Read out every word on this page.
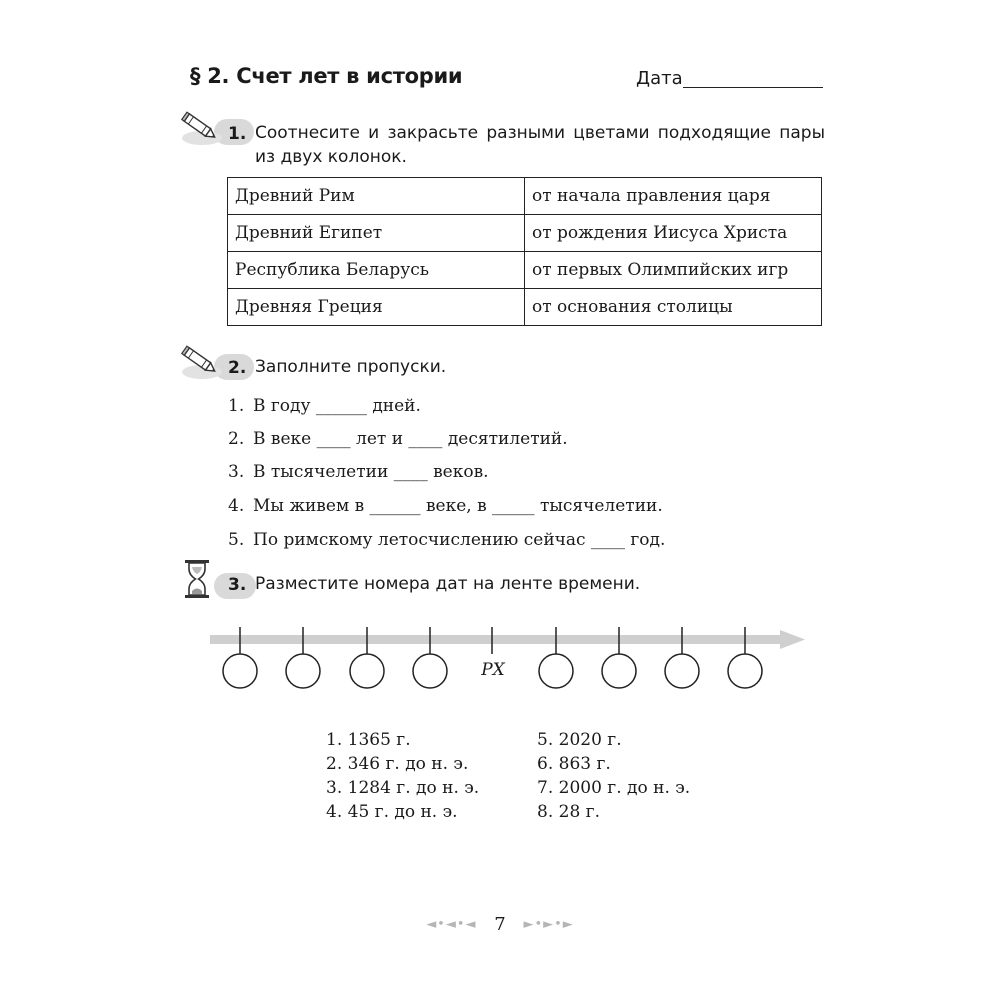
§ 2. Счет лет в истории	Дата
1. Соотнесите и закрасьте разными цветами подходящие пары из двух колонок.
Древний Рим	от начала правления царя
Древний Египет	от рождения Иисуса Христа
Республика Беларусь	от первых Олимпийских игр
Древняя Греция	от основания столицы
2. Заполните пропуски.
1. В году ______ дней.
2. В веке ____ лет и ____ десятилетий.
3. В тысячелетии ____ веков.
4. Мы живем в ______ веке, в _____ тысячелетии.
5. По римскому летосчислению сейчас ____ год.
3. Разместите номера дат на ленте времени.
РХ
1. 1365 г.
2. 346 г. до н. э.
3. 1284 г. до н. э.
4. 45 г. до н. э.
5. 2020 г.
6. 863 г.
7. 2000 г. до н. э.
8. 28 г.
◄•◄•◄ 7 ►•►•►
